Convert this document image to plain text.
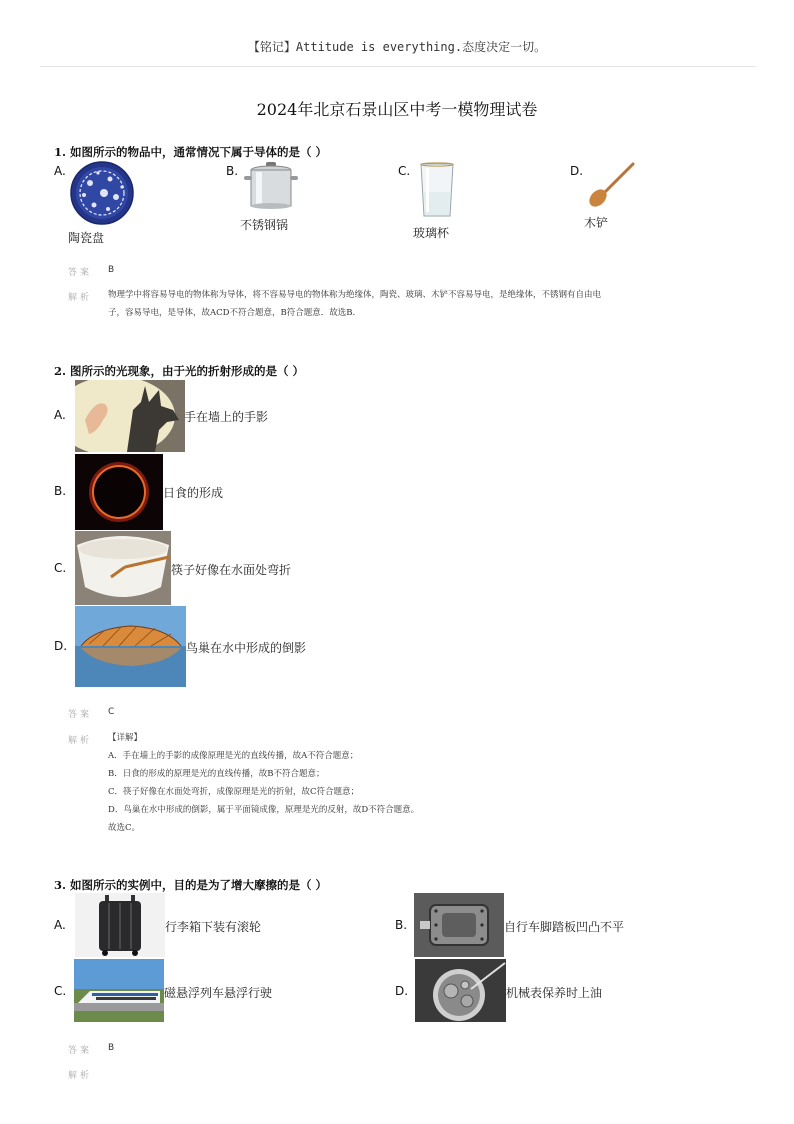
【铭记】Attitude is everything.态度决定一切。
2024年北京石景山区中考一模物理试卷
1. 如图所示的物品中，通常情况下属于导体的是（ ）
A.
陶瓷盘
B.
不锈钢锅
C.
玻璃杯
D.
木铲
答案 B
解析 物理学中将容易导电的物体称为导体，将不容易导电的物体称为绝缘体，陶瓷、玻璃、木铲不容易导电，是绝缘体，不锈钢有自由电
子，容易导电，是导体，故ACD不符合题意，B符合题意．故选B.
2. 图所示的光现象，由于光的折射形成的是（ ）
A.	手在墙上的手影
B.	日食的形成
C.	筷子好像在水面处弯折
D.	鸟巢在水中形成的倒影
答案 C
解析 【详解】
A．手在墙上的手影的成像原理是光的直线传播，故A不符合题意；
B．日食的形成的原理是光的直线传播，故B不符合题意；
C．筷子好像在水面处弯折，成像原理是光的折射，故C符合题意；
D．鸟巢在水中形成的倒影，属于平面镜成像，原理是光的反射，故D不符合题意。
故选C。
3. 如图所示的实例中，目的是为了增大摩擦的是（ ）
A.	行李箱下装有滚轮	B.	自行车脚踏板凹凸不平
C.	磁悬浮列车悬浮行驶	D.	机械表保养时上油
答案 B
解析
